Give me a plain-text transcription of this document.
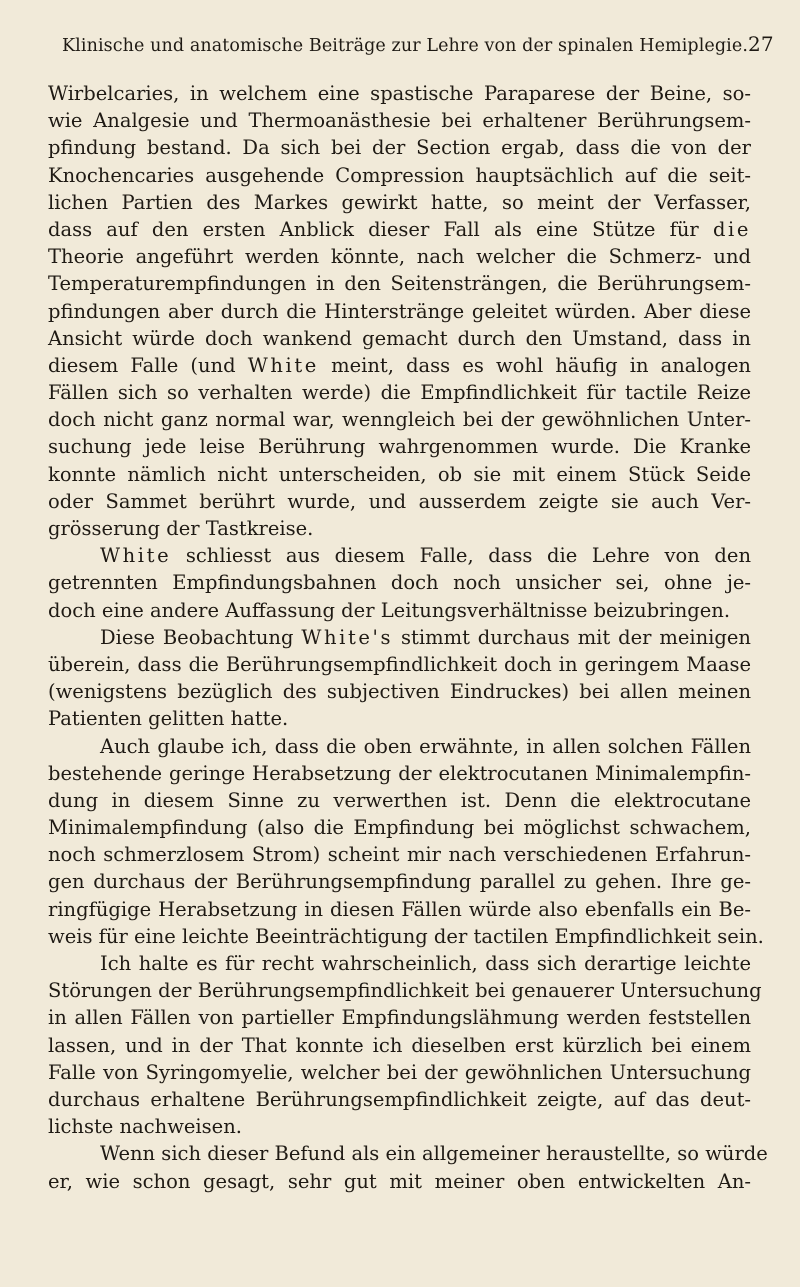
Klinische und anatomische Beiträge zur Lehre von der spinalen Hemiplegie. 27
Wirbelcaries, in welchem eine spastische Paraparese der Beine, so-
wie Analgesie und Thermoanästhesie bei erhaltener Berührungsem-
pfindung bestand. Da sich bei der Section ergab, dass die von der
Knochencaries ausgehende Compression hauptsächlich auf die seit-
lichen Partien des Markes gewirkt hatte, so meint der Verfasser,
dass auf den ersten Anblick dieser Fall als eine Stütze für die
Theorie angeführt werden könnte, nach welcher die Schmerz- und
Temperaturempfindungen in den Seitensträngen, die Berührungsem-
pfindungen aber durch die Hinterstränge geleitet würden. Aber diese
Ansicht würde doch wankend gemacht durch den Umstand, dass in
diesem Falle (und White meint, dass es wohl häufig in analogen
Fällen sich so verhalten werde) die Empfindlichkeit für tactile Reize
doch nicht ganz normal war, wenngleich bei der gewöhnlichen Unter-
suchung jede leise Berührung wahrgenommen wurde. Die Kranke
konnte nämlich nicht unterscheiden, ob sie mit einem Stück Seide
oder Sammet berührt wurde, und ausserdem zeigte sie auch Ver-
grösserung der Tastkreise.
White schliesst aus diesem Falle, dass die Lehre von den
getrennten Empfindungsbahnen doch noch unsicher sei, ohne je-
doch eine andere Auffassung der Leitungsverhältnisse beizubringen.
Diese Beobachtung White's stimmt durchaus mit der meinigen
überein, dass die Berührungsempfindlichkeit doch in geringem Maase
(wenigstens bezüglich des subjectiven Eindruckes) bei allen meinen
Patienten gelitten hatte.
Auch glaube ich, dass die oben erwähnte, in allen solchen Fällen
bestehende geringe Herabsetzung der elektrocutanen Minimalempfin-
dung in diesem Sinne zu verwerthen ist. Denn die elektrocutane
Minimalempfindung (also die Empfindung bei möglichst schwachem,
noch schmerzlosem Strom) scheint mir nach verschiedenen Erfahrun-
gen durchaus der Berührungsempfindung parallel zu gehen. Ihre ge-
ringfügige Herabsetzung in diesen Fällen würde also ebenfalls ein Be-
weis für eine leichte Beeinträchtigung der tactilen Empfindlichkeit sein.
Ich halte es für recht wahrscheinlich, dass sich derartige leichte
Störungen der Berührungsempfindlichkeit bei genauerer Untersuchung
in allen Fällen von partieller Empfindungslähmung werden feststellen
lassen, und in der That konnte ich dieselben erst kürzlich bei einem
Falle von Syringomyelie, welcher bei der gewöhnlichen Untersuchung
durchaus erhaltene Berührungsempfindlichkeit zeigte, auf das deut-
lichste nachweisen.
Wenn sich dieser Befund als ein allgemeiner heraustellte, so würde
er, wie schon gesagt, sehr gut mit meiner oben entwickelten An-
